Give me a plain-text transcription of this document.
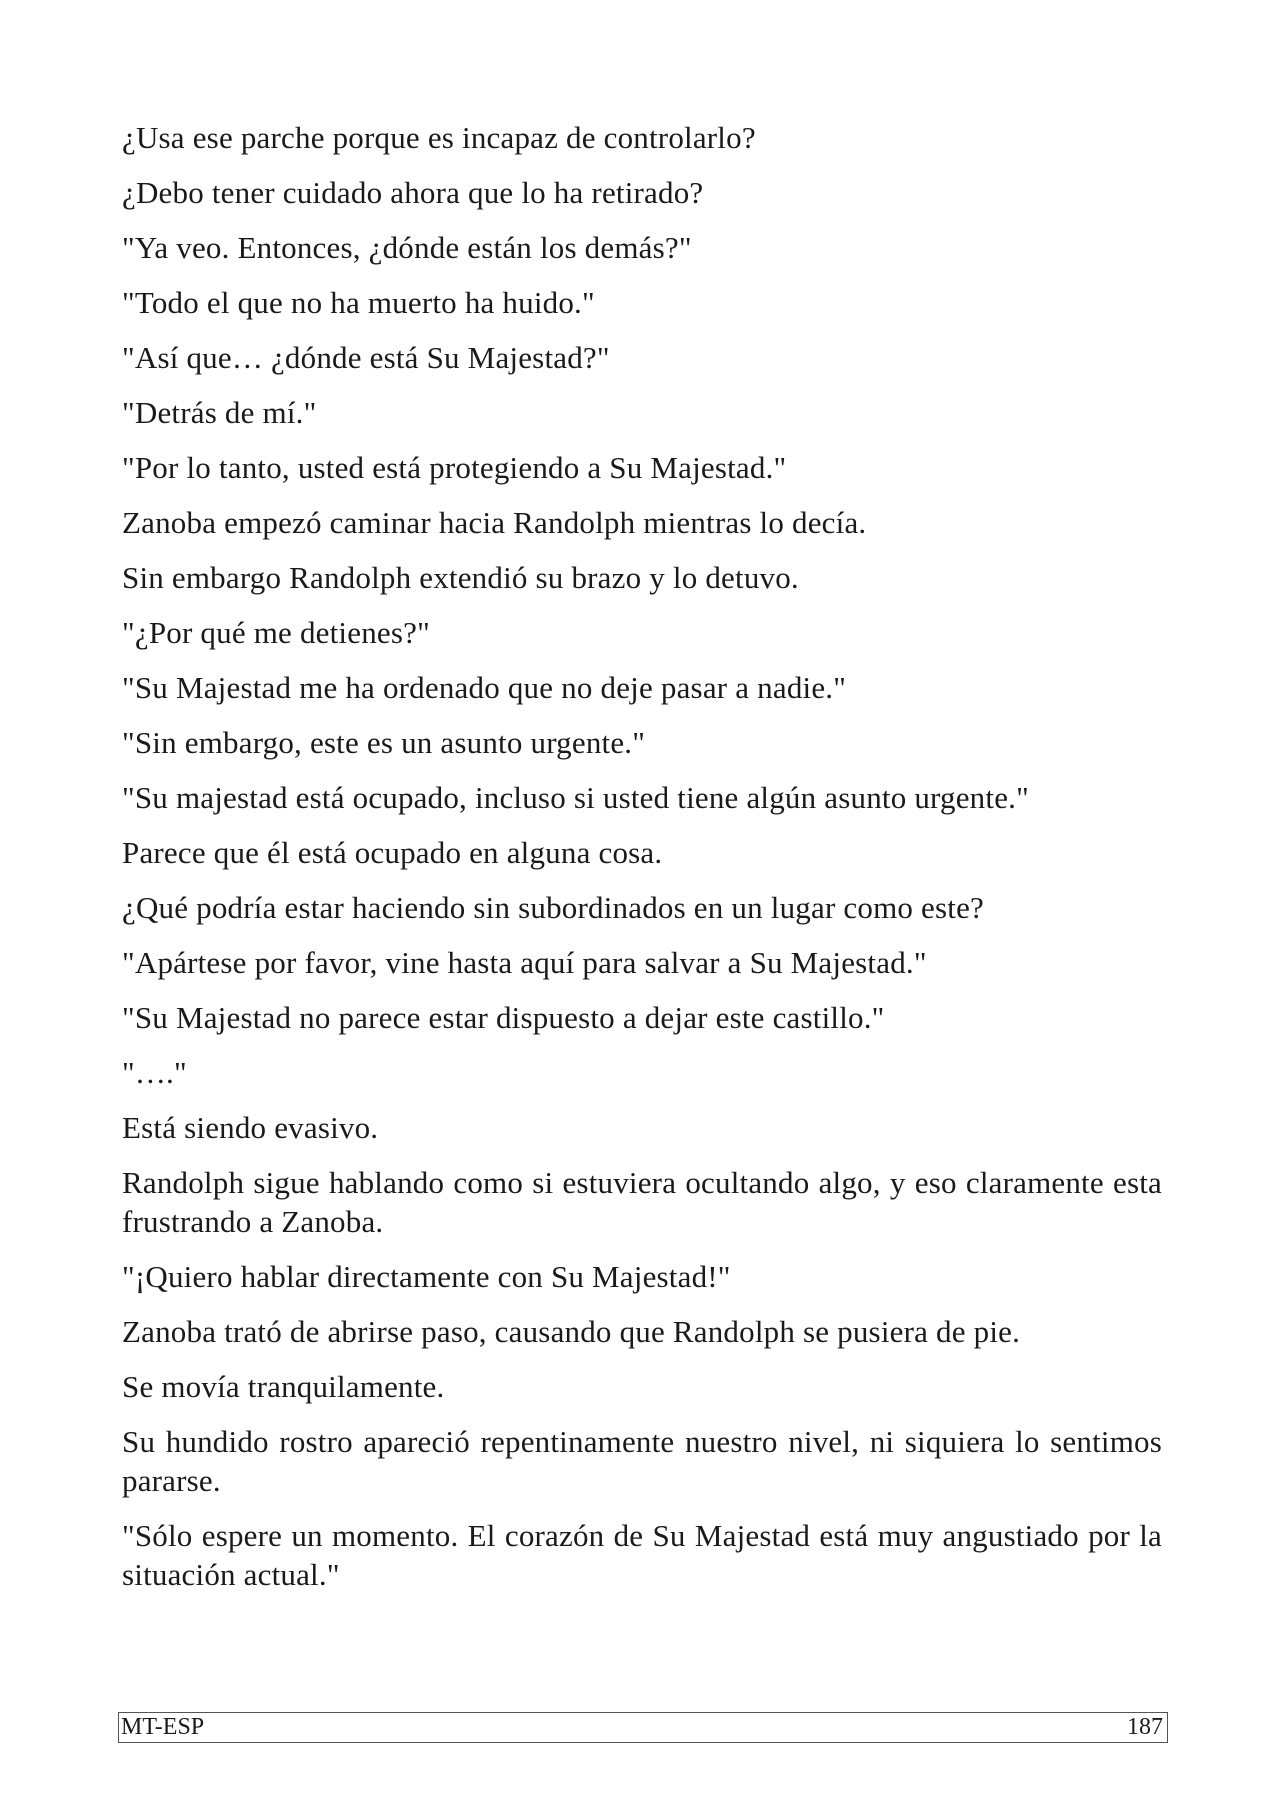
¿Usa ese parche porque es incapaz de controlarlo?

¿Debo tener cuidado ahora que lo ha retirado?

"Ya veo. Entonces, ¿dónde están los demás?"

"Todo el que no ha muerto ha huido."

"Así que… ¿dónde está Su Majestad?"

"Detrás de mí."

"Por lo tanto, usted está protegiendo a Su Majestad."

Zanoba empezó caminar hacia Randolph mientras lo decía.

Sin embargo Randolph extendió su brazo y lo detuvo.

"¿Por qué me detienes?"

"Su Majestad me ha ordenado que no deje pasar a nadie."

"Sin embargo, este es un asunto urgente."

"Su majestad está ocupado, incluso si usted tiene algún asunto urgente."

Parece que él está ocupado en alguna cosa.

¿Qué podría estar haciendo sin subordinados en un lugar como este?

"Apártese por favor, vine hasta aquí para salvar a Su Majestad."

"Su Majestad no parece estar dispuesto a dejar este castillo."

"…."

Está siendo evasivo.

Randolph sigue hablando como si estuviera ocultando algo, y eso claramente esta frustrando a Zanoba.

"¡Quiero hablar directamente con Su Majestad!"

Zanoba trató de abrirse paso, causando que Randolph se pusiera de pie.

Se movía tranquilamente.

Su hundido rostro apareció repentinamente nuestro nivel, ni siquiera lo sentimos pararse.

"Sólo espere un momento. El corazón de Su Majestad está muy angustiado por la situación actual."

MT-ESP	187
